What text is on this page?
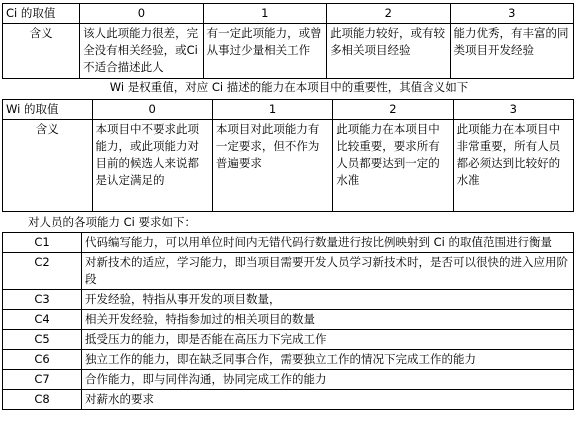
Ci 的取值	0	1	2	3
含义	该人此项能力很差，完全没有相关经验，或Ci 不适合描述此人	有一定此项能力，或曾从事过少量相关工作	此项能力较好，或有较多相关项目经验	能力优秀，有丰富的同类项目开发经验
Wi 是权重值，对应 Ci 描述的能力在本项目中的重要性，其值含义如下
Wi 的取值	0	1	2	3
含义	本项目中不要求此项能力，或此项能力对目前的候选人来说都是认定满足的	本项目对此项能力有一定要求，但不作为普遍要求	此项能力在本项目中比较重要，要求所有人员都要达到一定的水准	此项能力在本项目中非常重要，所有人员都必须达到比较好的水准
对人员的各项能力 Ci 要求如下：
C1	代码编写能力，可以用单位时间内无错代码行数量进行按比例映射到 Ci 的取值范围进行衡量
C2	对新技术的适应，学习能力，即当项目需要开发人员学习新技术时，是否可以很快的进入应用阶段
C3	开发经验，特指从事开发的项目数量，
C4	相关开发经验，特指参加过的相关项目的数量
C5	抵受压力的能力，即是否能在高压力下完成工作
C6	独立工作的能力，即在缺乏同事合作，需要独立工作的情况下完成工作的能力
C7	合作能力，即与同伴沟通，协同完成工作的能力
C8	对薪水的要求
